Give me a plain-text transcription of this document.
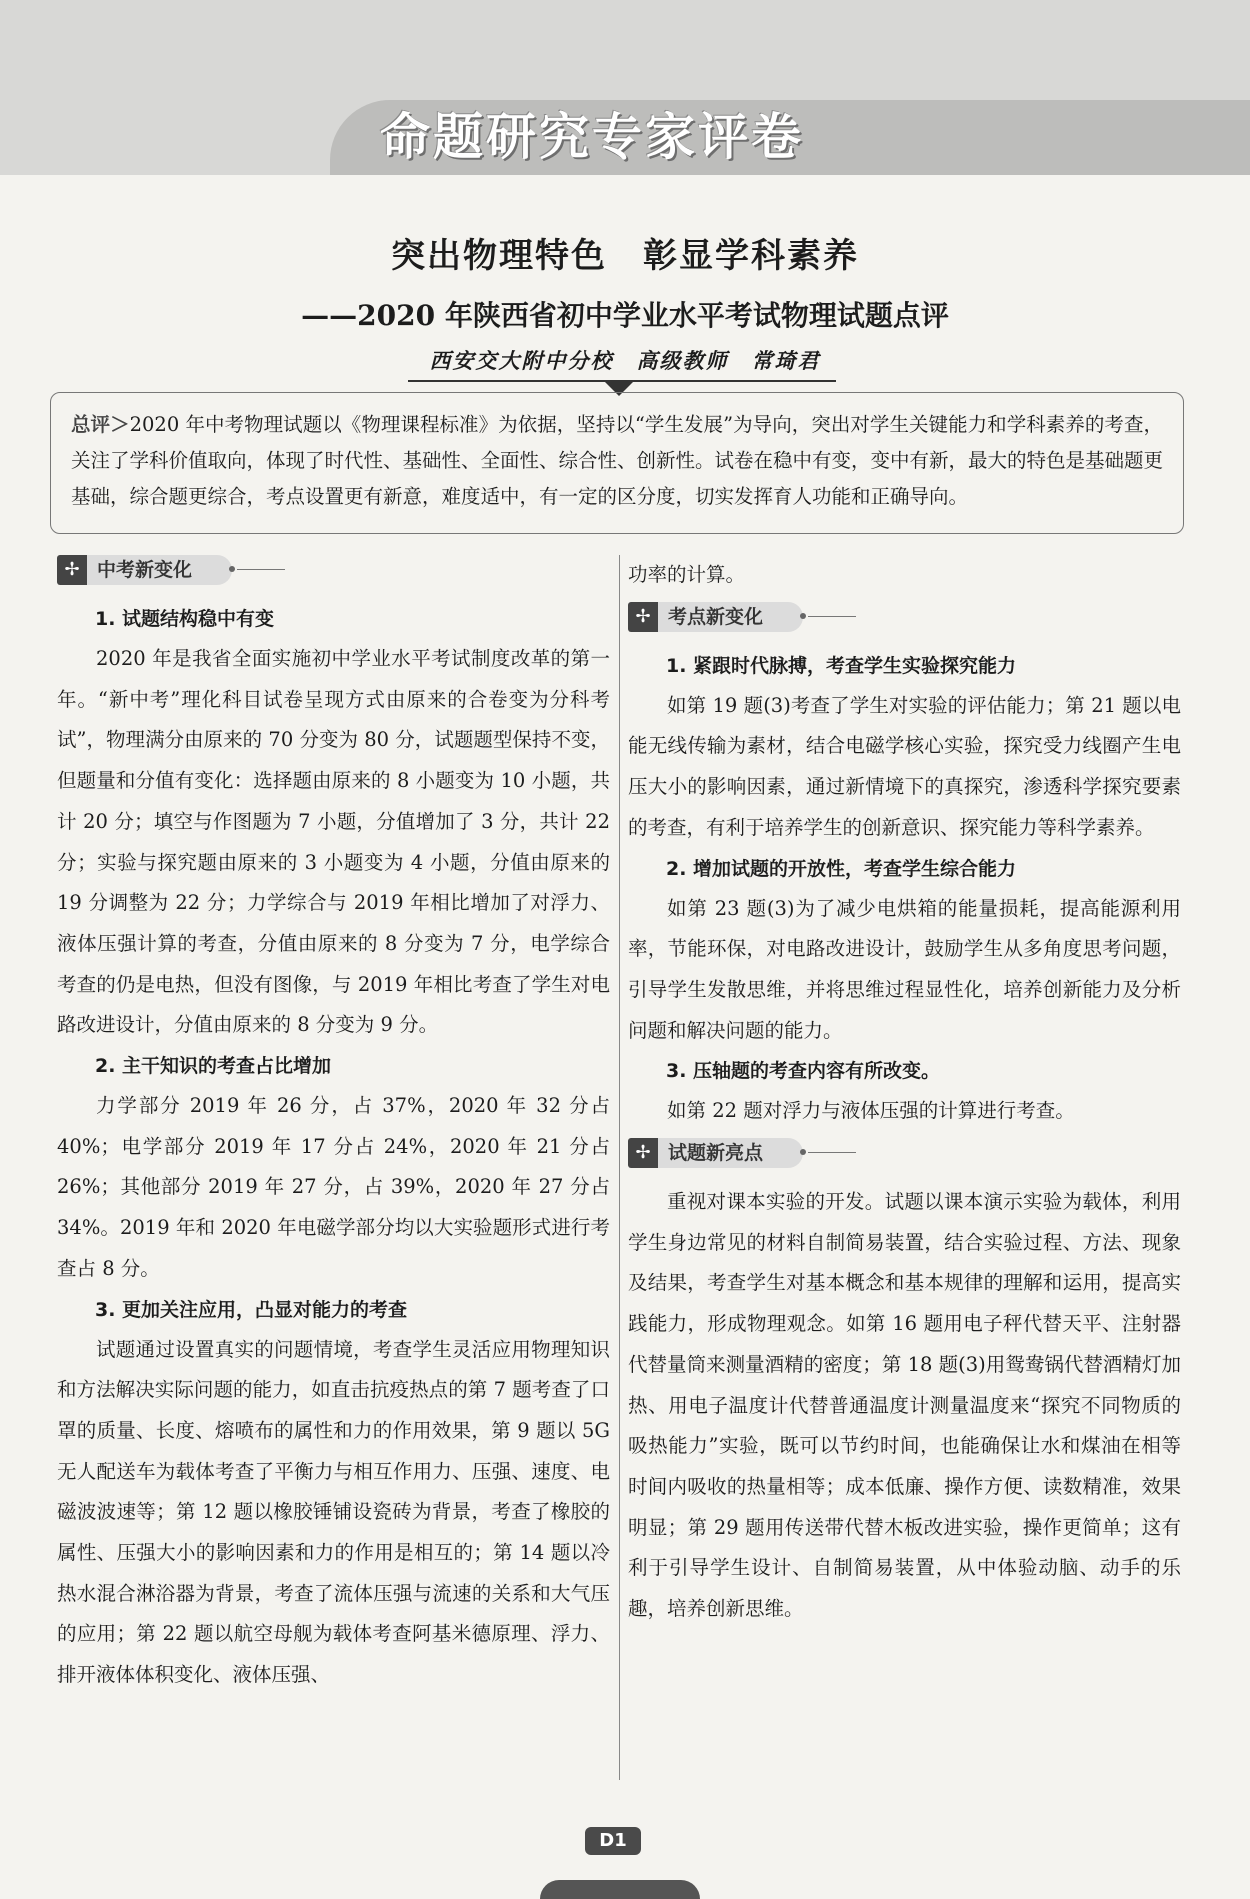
命题研究专家评卷
突出物理特色　彰显学科素养
——2020 年陕西省初中学业水平考试物理试题点评
西安交大附中分校　高级教师　常琦君

总评＞2020 年中考物理试题以《物理课程标准》为依据，坚持以“学生发展”为导向，突出对学生关键能力和学科素养的考查，关注了学科价值取向，体现了时代性、基础性、全面性、综合性、创新性。试卷在稳中有变，变中有新，最大的特色是基础题更基础，综合题更综合，考点设置更有新意，难度适中，有一定的区分度，切实发挥育人功能和正确导向。

✢ 中考新变化

1. 试题结构稳中有变

2020 年是我省全面实施初中学业水平考试制度改革的第一年。“新中考”理化科目试卷呈现方式由原来的合卷变为分科考试”，物理满分由原来的 70 分变为 80 分，试题题型保持不变，但题量和分值有变化：选择题由原来的 8 小题变为 10 小题，共计 20 分；填空与作图题为 7 小题，分值增加了 3 分，共计 22 分；实验与探究题由原来的 3 小题变为 4 小题，分值由原来的 19 分调整为 22 分；力学综合与 2019 年相比增加了对浮力、液体压强计算的考查，分值由原来的 8 分变为 7 分，电学综合考查的仍是电热，但没有图像，与 2019 年相比考查了学生对电路改进设计，分值由原来的 8 分变为 9 分。

2. 主干知识的考查占比增加

力学部分 2019 年 26 分，占 37%，2020 年 32 分占 40%；电学部分 2019 年 17 分占 24%，2020 年 21 分占 26%；其他部分 2019 年 27 分，占 39%，2020 年 27 分占 34%。2019 年和 2020 年电磁学部分均以大实验题形式进行考查占 8 分。

3. 更加关注应用，凸显对能力的考查

试题通过设置真实的问题情境，考查学生灵活应用物理知识和方法解决实际问题的能力，如直击抗疫热点的第 7 题考查了口罩的质量、长度、熔喷布的属性和力的作用效果，第 9 题以 5G 无人配送车为载体考查了平衡力与相互作用力、压强、速度、电磁波波速等；第 12 题以橡胶锤铺设瓷砖为背景，考查了橡胶的属性、压强大小的影响因素和力的作用是相互的；第 14 题以冷热水混合淋浴器为背景，考查了流体压强与流速的关系和大气压的应用；第 22 题以航空母舰为载体考查阿基米德原理、浮力、排开液体体积变化、液体压强、

功率的计算。

✢ 考点新变化

1. 紧跟时代脉搏，考查学生实验探究能力

如第 19 题(3)考查了学生对实验的评估能力；第 21 题以电能无线传输为素材，结合电磁学核心实验，探究受力线圈产生电压大小的影响因素，通过新情境下的真探究，渗透科学探究要素的考查，有利于培养学生的创新意识、探究能力等科学素养。

2. 增加试题的开放性，考查学生综合能力

如第 23 题(3)为了减少电烘箱的能量损耗，提高能源利用率，节能环保，对电路改进设计，鼓励学生从多角度思考问题，引导学生发散思维，并将思维过程显性化，培养创新能力及分析问题和解决问题的能力。

3. 压轴题的考查内容有所改变。

如第 22 题对浮力与液体压强的计算进行考查。

✢ 试题新亮点

重视对课本实验的开发。试题以课本演示实验为载体，利用学生身边常见的材料自制简易装置，结合实验过程、方法、现象及结果，考查学生对基本概念和基本规律的理解和运用，提高实践能力，形成物理观念。如第 16 题用电子秤代替天平、注射器代替量筒来测量酒精的密度；第 18 题(3)用鸳鸯锅代替酒精灯加热、用电子温度计代替普通温度计测量温度来“探究不同物质的吸热能力”实验，既可以节约时间，也能确保让水和煤油在相等时间内吸收的热量相等；成本低廉、操作方便、读数精准，效果明显；第 29 题用传送带代替木板改进实验，操作更简单；这有利于引导学生设计、自制简易装置，从中体验动脑、动手的乐趣，培养创新思维。

D1
